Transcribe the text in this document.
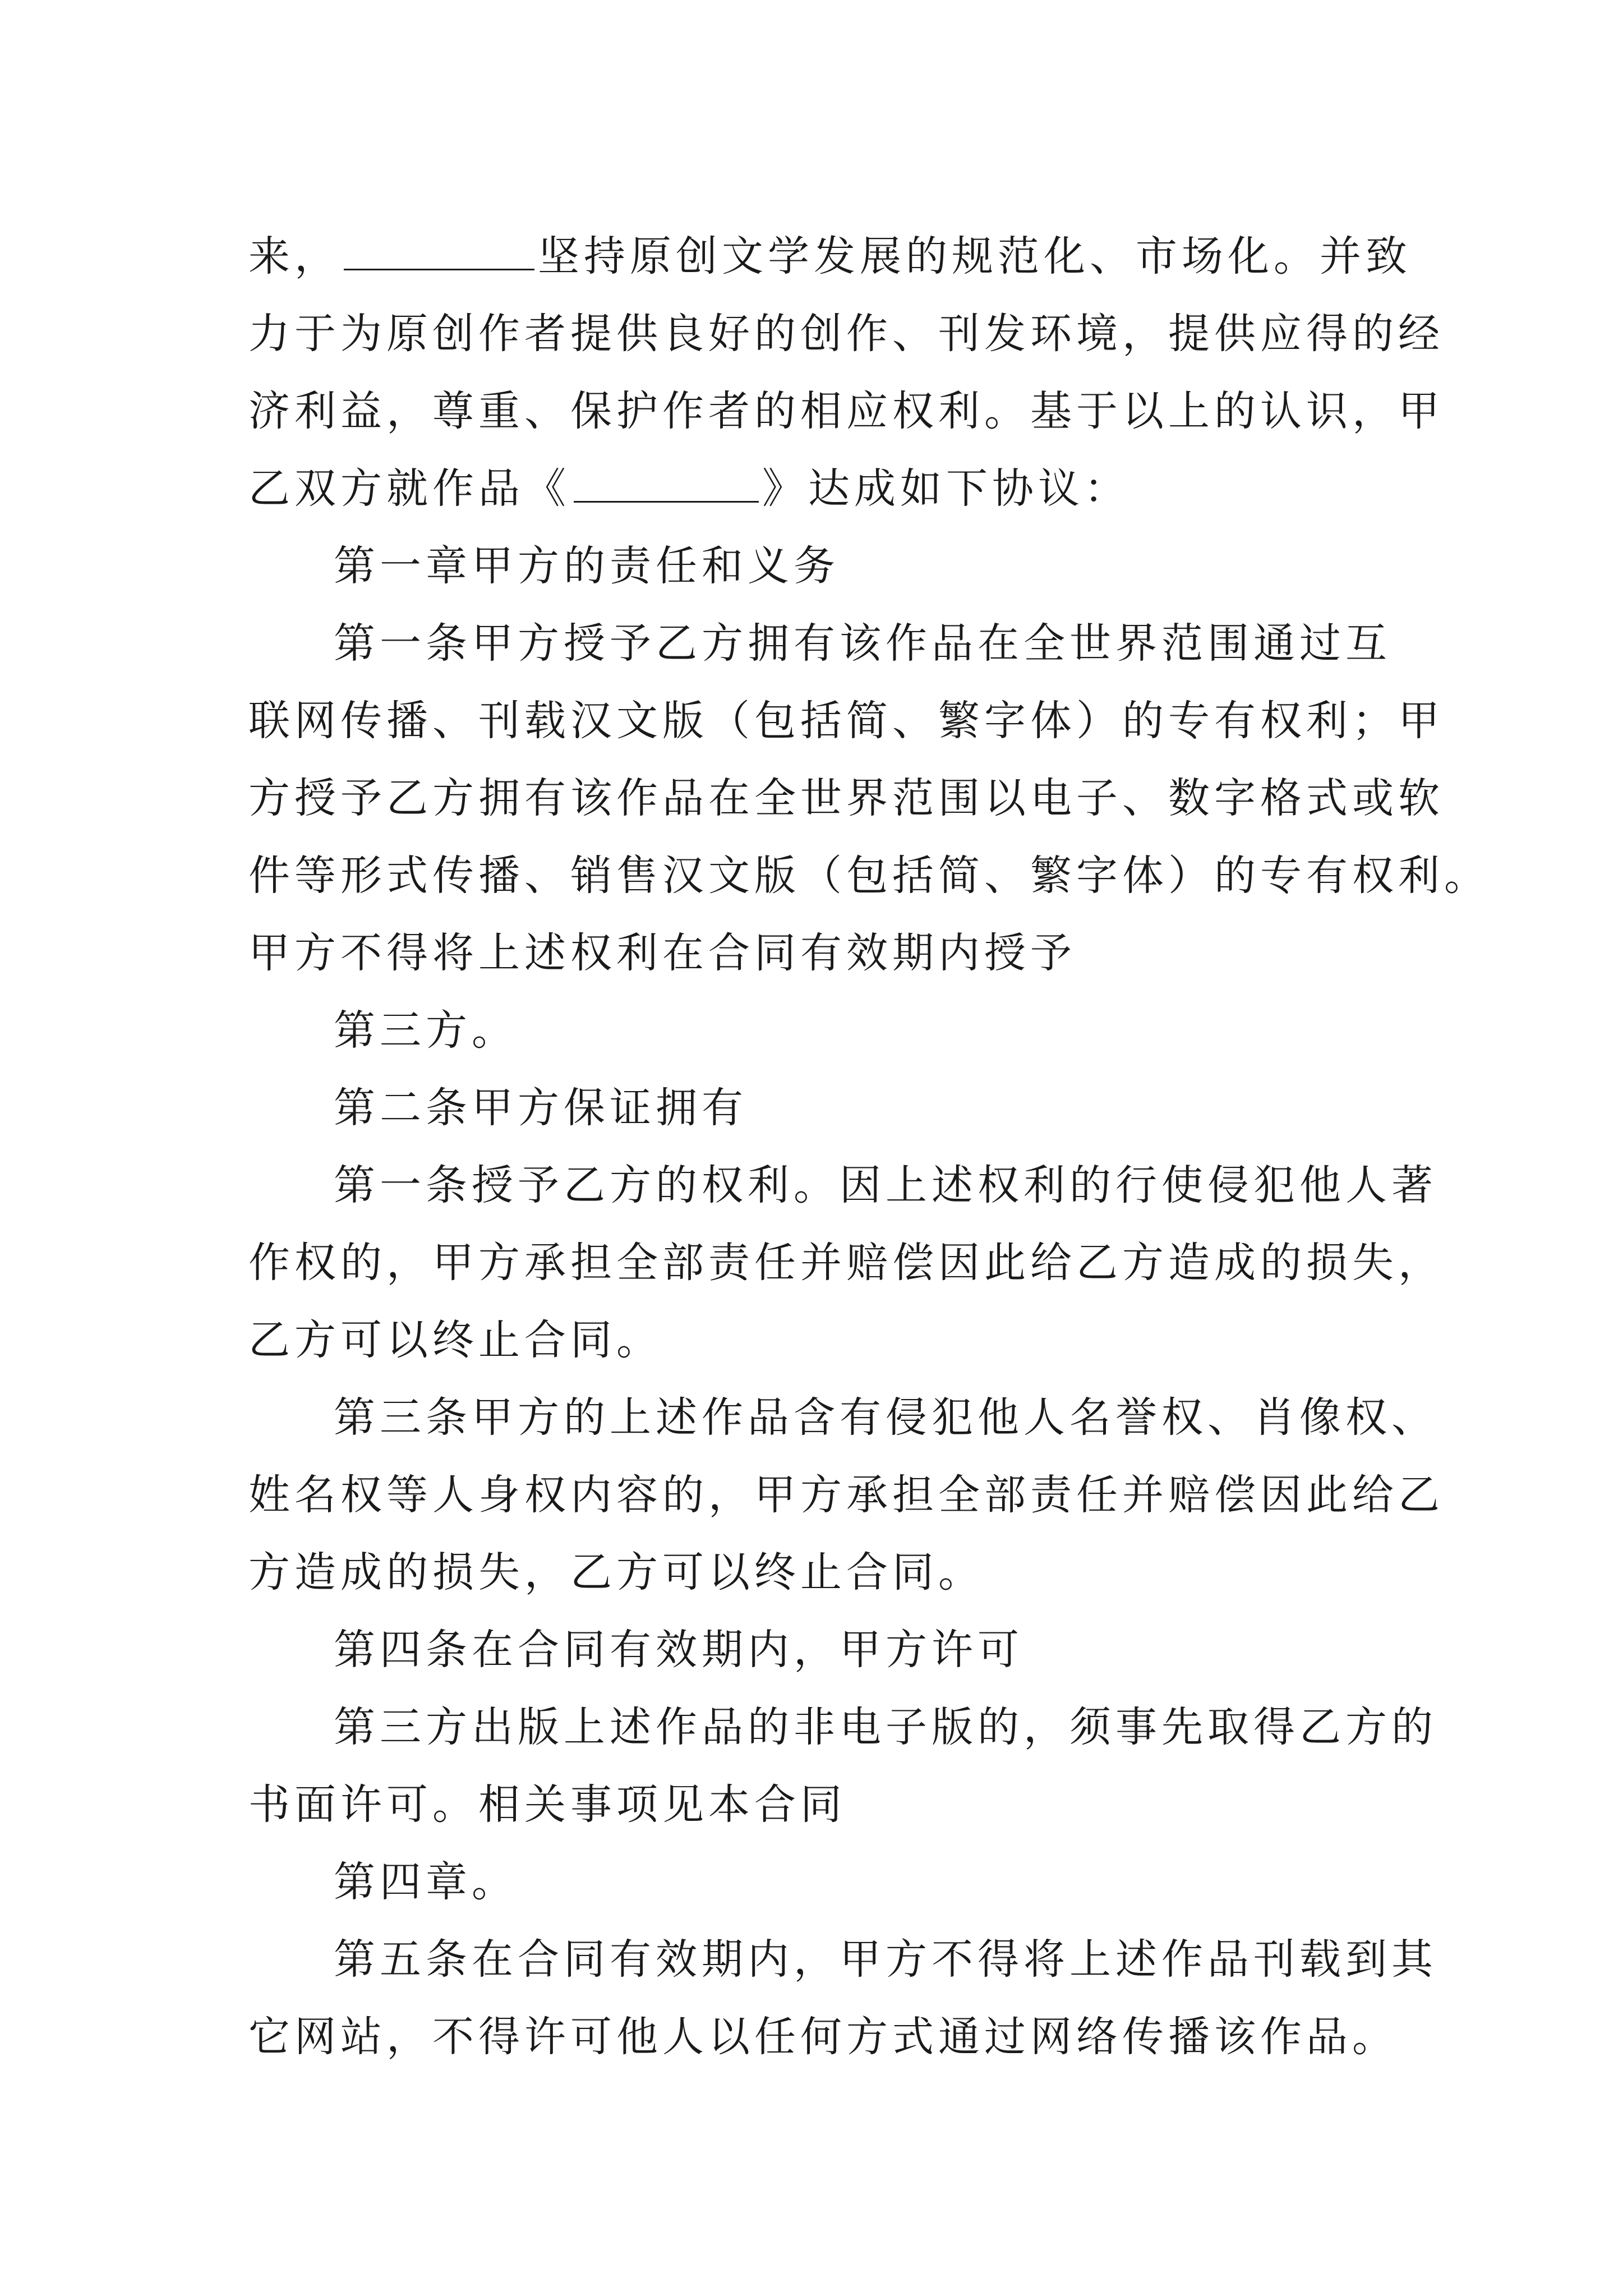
来，	坚持原创文学发展的规范化、市场化。并致
力于为原创作者提供良好的创作、刊发环境，提供应得的经
济利益，尊重、保护作者的相应权利。基于以上的认识，甲
乙双方就作品《	》达成如下协议：
第一章甲方的责任和义务
第一条甲方授予乙方拥有该作品在全世界范围通过互
联网传播、刊载汉文版（包括简、繁字体）的专有权利；甲
方授予乙方拥有该作品在全世界范围以电子、数字格式或软
件等形式传播、销售汉文版（包括简、繁字体）的专有权利。
甲方不得将上述权利在合同有效期内授予
第三方。
第二条甲方保证拥有
第一条授予乙方的权利。因上述权利的行使侵犯他人著
作权的，甲方承担全部责任并赔偿因此给乙方造成的损失，
乙方可以终止合同。
第三条甲方的上述作品含有侵犯他人名誉权、肖像权、
姓名权等人身权内容的，甲方承担全部责任并赔偿因此给乙
方造成的损失，乙方可以终止合同。
第四条在合同有效期内，甲方许可
第三方出版上述作品的非电子版的，须事先取得乙方的
书面许可。相关事项见本合同
第四章。
第五条在合同有效期内，甲方不得将上述作品刊载到其
它网站，不得许可他人以任何方式通过网络传播该作品。
